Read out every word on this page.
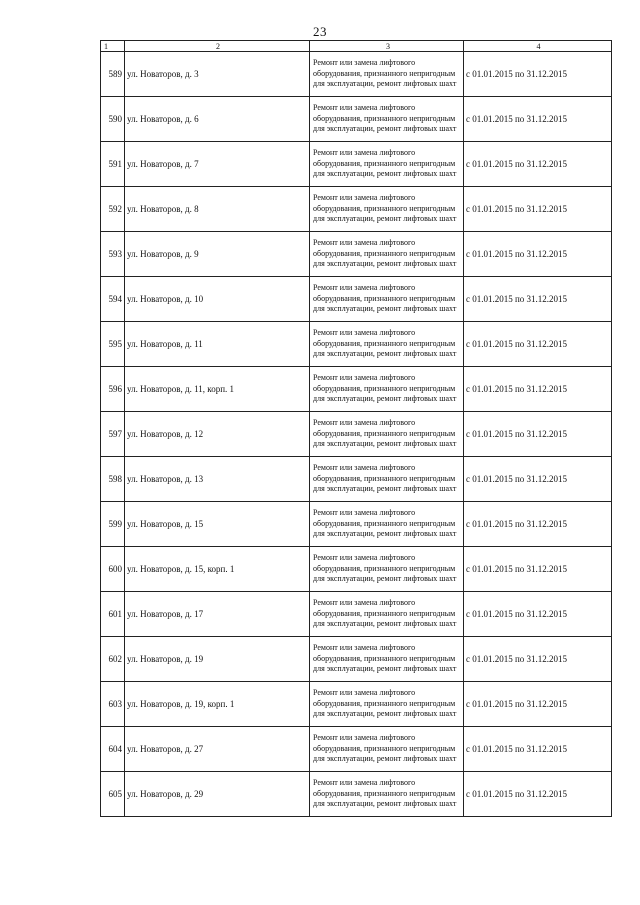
23
1	2	3	4
589	ул. Новаторов, д. 3	Ремонт или замена лифтового оборудования, признанного непригодным для эксплуатации, ремонт лифтовых шахт	с 01.01.2015 по 31.12.2015
590	ул. Новаторов, д. 6	Ремонт или замена лифтового оборудования, признанного непригодным для эксплуатации, ремонт лифтовых шахт	с 01.01.2015 по 31.12.2015
591	ул. Новаторов, д. 7	Ремонт или замена лифтового оборудования, признанного непригодным для эксплуатации, ремонт лифтовых шахт	с 01.01.2015 по 31.12.2015
592	ул. Новаторов, д. 8	Ремонт или замена лифтового оборудования, признанного непригодным для эксплуатации, ремонт лифтовых шахт	с 01.01.2015 по 31.12.2015
593	ул. Новаторов, д. 9	Ремонт или замена лифтового оборудования, признанного непригодным для эксплуатации, ремонт лифтовых шахт	с 01.01.2015 по 31.12.2015
594	ул. Новаторов, д. 10	Ремонт или замена лифтового оборудования, признанного непригодным для эксплуатации, ремонт лифтовых шахт	с 01.01.2015 по 31.12.2015
595	ул. Новаторов, д. 11	Ремонт или замена лифтового оборудования, признанного непригодным для эксплуатации, ремонт лифтовых шахт	с 01.01.2015 по 31.12.2015
596	ул. Новаторов, д. 11, корп. 1	Ремонт или замена лифтового оборудования, признанного непригодным для эксплуатации, ремонт лифтовых шахт	с 01.01.2015 по 31.12.2015
597	ул. Новаторов, д. 12	Ремонт или замена лифтового оборудования, признанного непригодным для эксплуатации, ремонт лифтовых шахт	с 01.01.2015 по 31.12.2015
598	ул. Новаторов, д. 13	Ремонт или замена лифтового оборудования, признанного непригодным для эксплуатации, ремонт лифтовых шахт	с 01.01.2015 по 31.12.2015
599	ул. Новаторов, д. 15	Ремонт или замена лифтового оборудования, признанного непригодным для эксплуатации, ремонт лифтовых шахт	с 01.01.2015 по 31.12.2015
600	ул. Новаторов, д. 15, корп. 1	Ремонт или замена лифтового оборудования, признанного непригодным для эксплуатации, ремонт лифтовых шахт	с 01.01.2015 по 31.12.2015
601	ул. Новаторов, д. 17	Ремонт или замена лифтового оборудования, признанного непригодным для эксплуатации, ремонт лифтовых шахт	с 01.01.2015 по 31.12.2015
602	ул. Новаторов, д. 19	Ремонт или замена лифтового оборудования, признанного непригодным для эксплуатации, ремонт лифтовых шахт	с 01.01.2015 по 31.12.2015
603	ул. Новаторов, д. 19, корп. 1	Ремонт или замена лифтового оборудования, признанного непригодным для эксплуатации, ремонт лифтовых шахт	с 01.01.2015 по 31.12.2015
604	ул. Новаторов, д. 27	Ремонт или замена лифтового оборудования, признанного непригодным для эксплуатации, ремонт лифтовых шахт	с 01.01.2015 по 31.12.2015
605	ул. Новаторов, д. 29	Ремонт или замена лифтового оборудования, признанного непригодным для эксплуатации, ремонт лифтовых шахт	с 01.01.2015 по 31.12.2015
